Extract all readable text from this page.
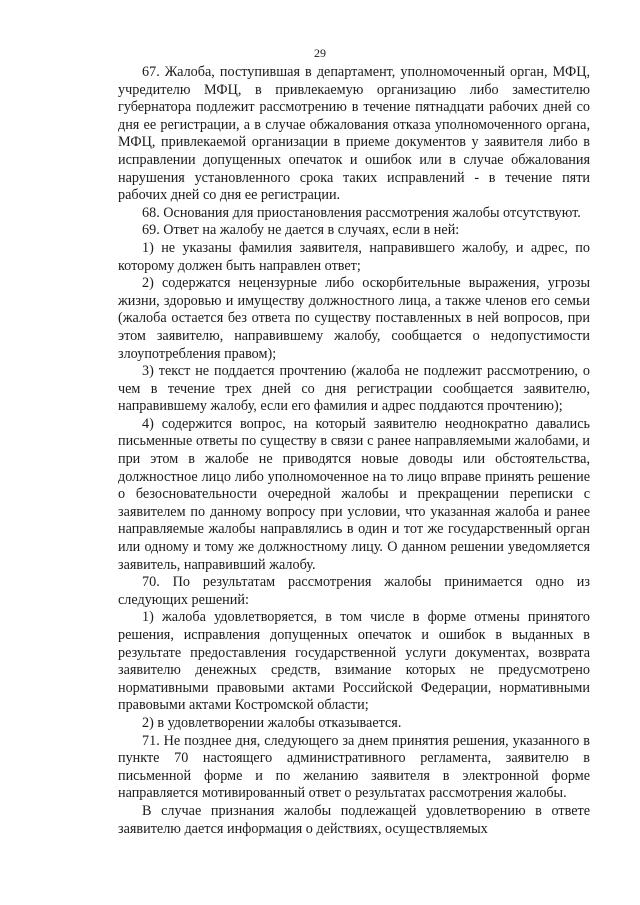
29

67. Жалоба, поступившая в департамент, уполномоченный орган, МФЦ, учредителю МФЦ, в привлекаемую организацию либо заместителю губернатора подлежит рассмотрению в течение пятнадцати рабочих дней со дня ее регистрации, а в случае обжалования отказа уполномоченного органа, МФЦ, привлекаемой организации в приеме документов у заявителя либо в исправлении допущенных опечаток и ошибок или в случае обжалования нарушения установленного срока таких исправлений - в течение пяти рабочих дней со дня ее регистрации.

68. Основания для приостановления рассмотрения жалобы отсутствуют.

69. Ответ на жалобу не дается в случаях, если в ней:

1) не указаны фамилия заявителя, направившего жалобу, и адрес, по которому должен быть направлен ответ;

2) содержатся нецензурные либо оскорбительные выражения, угрозы жизни, здоровью и имуществу должностного лица, а также членов его семьи (жалоба остается без ответа по существу поставленных в ней вопросов, при этом заявителю, направившему жалобу, сообщается о недопустимости злоупотребления правом);

3) текст не поддается прочтению (жалоба не подлежит рассмотрению, о чем в течение трех дней со дня регистрации сообщается заявителю, направившему жалобу, если его фамилия и адрес поддаются прочтению);

4) содержится вопрос, на который заявителю неоднократно давались письменные ответы по существу в связи с ранее направляемыми жалобами, и при этом в жалобе не приводятся новые доводы или обстоятельства, должностное лицо либо уполномоченное на то лицо вправе принять решение о безосновательности очередной жалобы и прекращении переписки с заявителем по данному вопросу при условии, что указанная жалоба и ранее направляемые жалобы направлялись в один и тот же государственный орган или одному и тому же должностному лицу. О данном решении уведомляется заявитель, направивший жалобу.

70. По результатам рассмотрения жалобы принимается одно из следующих решений:

1) жалоба удовлетворяется, в том числе в форме отмены принятого решения, исправления допущенных опечаток и ошибок в выданных в результате предоставления государственной услуги документах, возврата заявителю денежных средств, взимание которых не предусмотрено нормативными правовыми актами Российской Федерации, нормативными правовыми актами Костромской области;

2) в удовлетворении жалобы отказывается.

71. Не позднее дня, следующего за днем принятия решения, указанного в пункте 70 настоящего административного регламента, заявителю в письменной форме и по желанию заявителя в электронной форме направляется мотивированный ответ о результатах рассмотрения жалобы.

В случае признания жалобы подлежащей удовлетворению в ответе заявителю дается информация о действиях, осуществляемых
